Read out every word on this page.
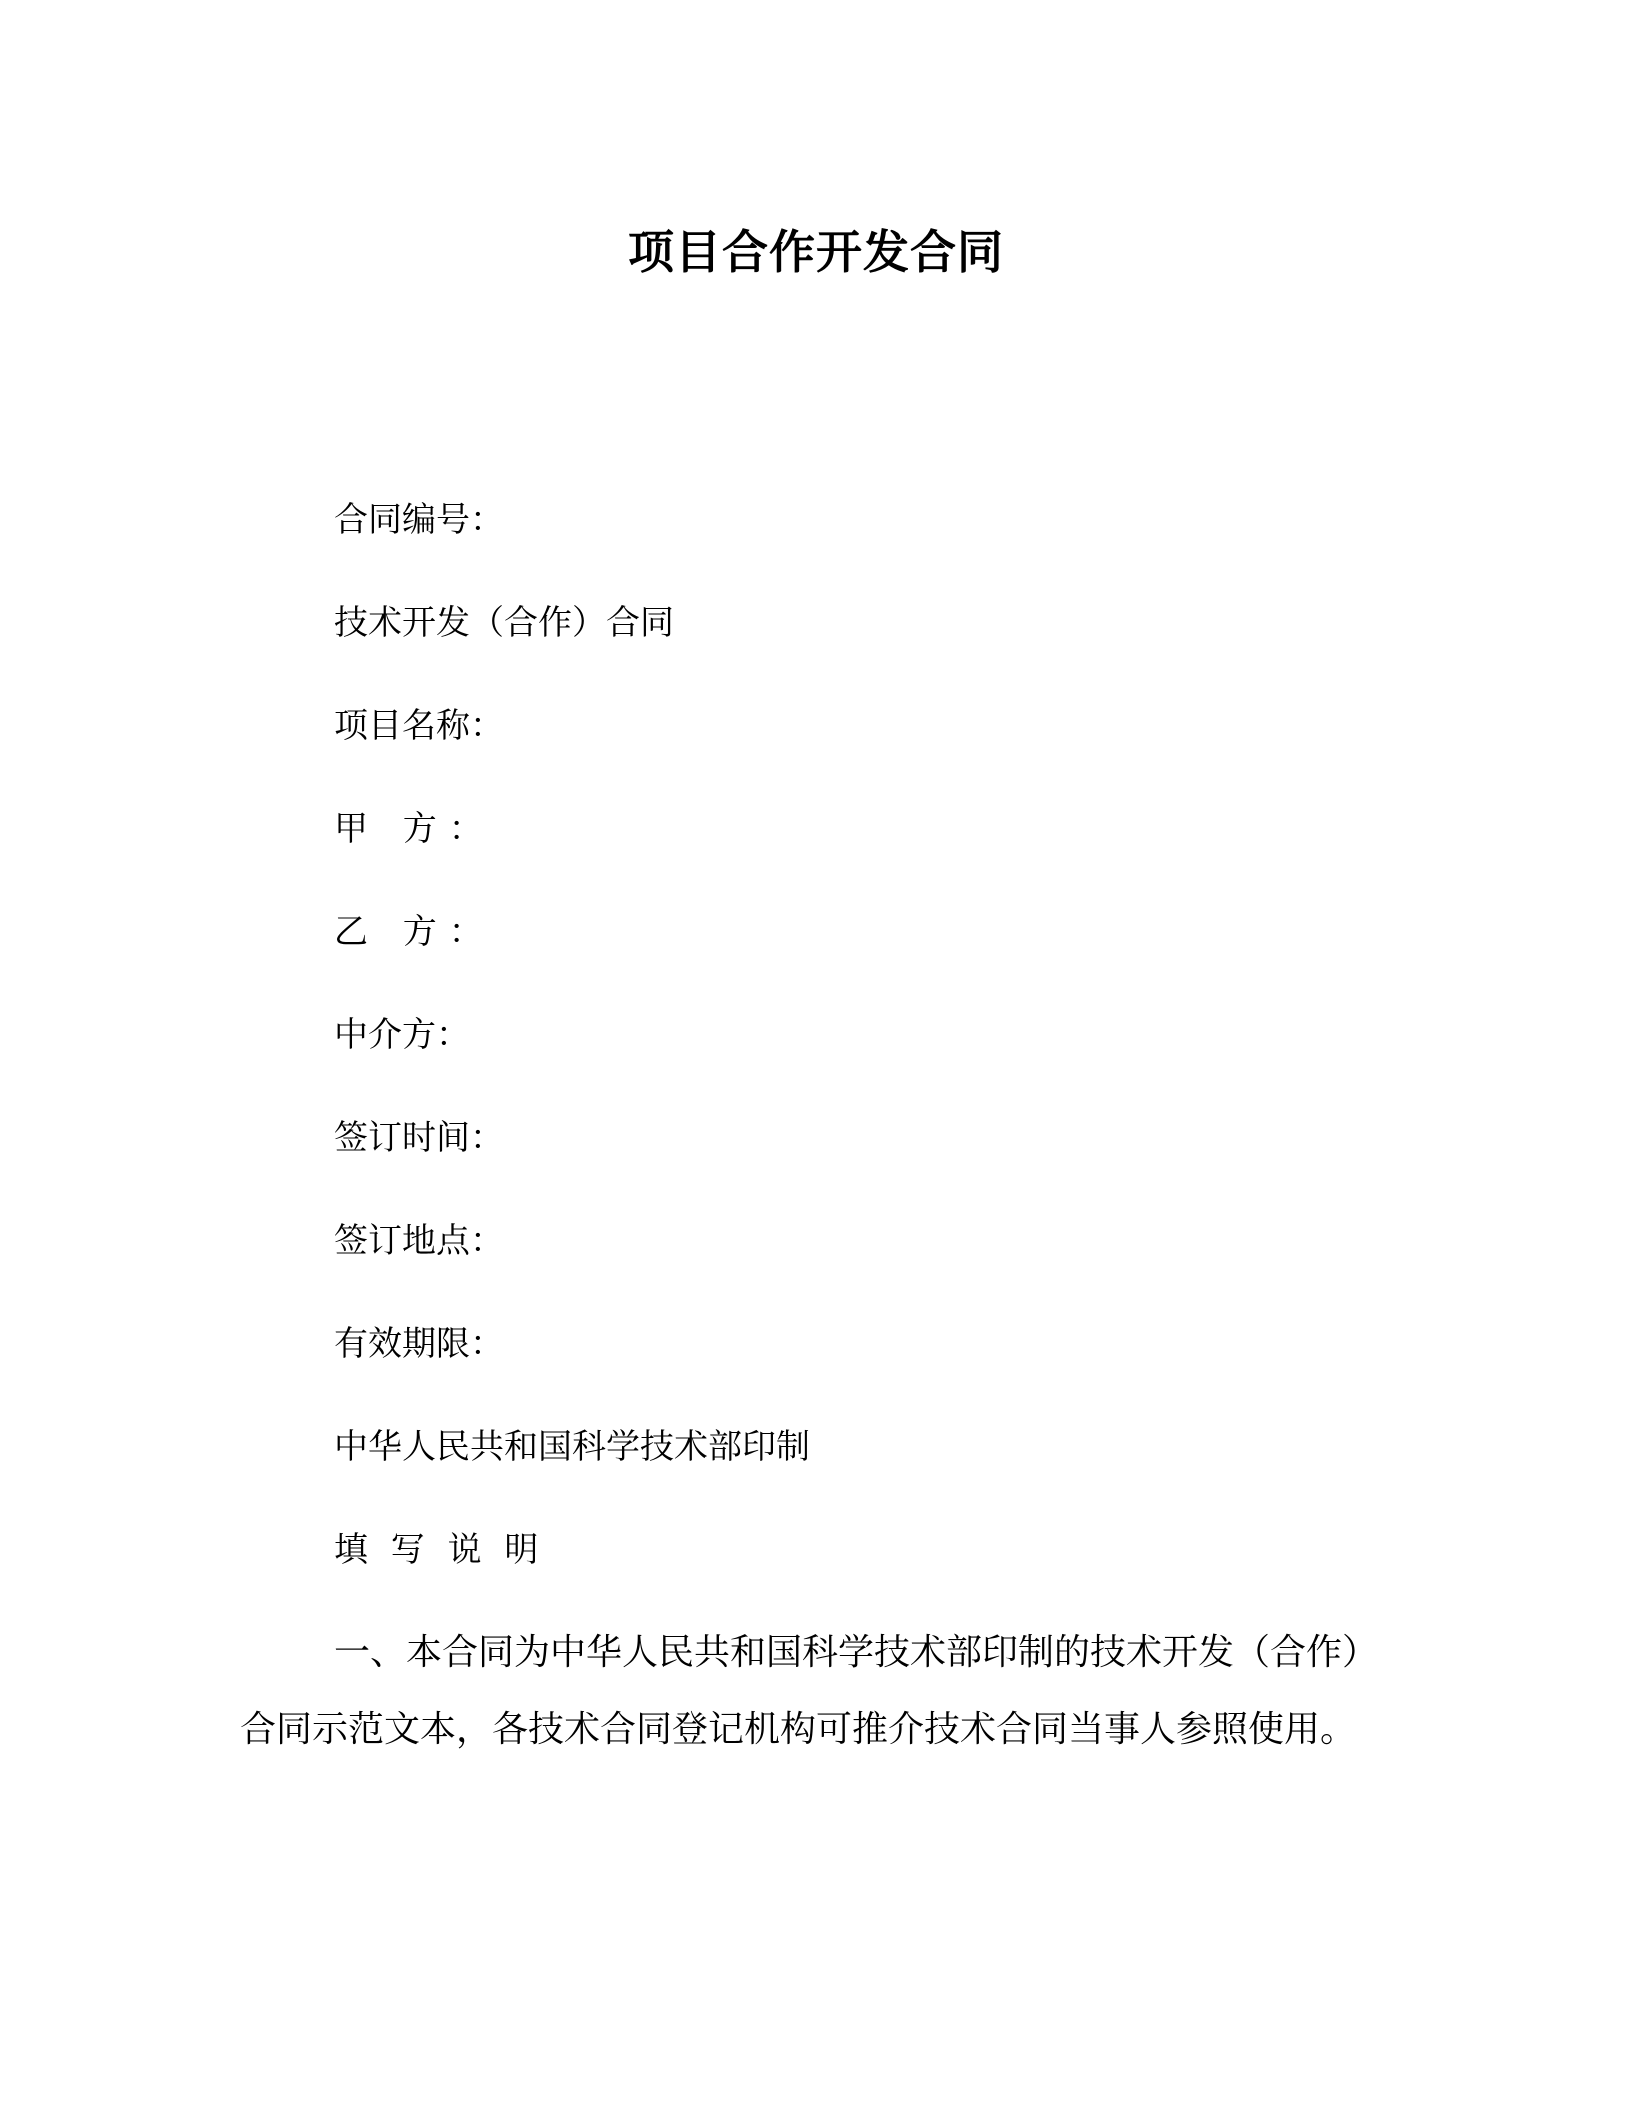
项目合作开发合同
合同编号：
技术开发（合作）合同
项目名称：
甲 方：
乙 方：
中介方：
签订时间：
签订地点：
有效期限：
中华人民共和国科学技术部印制
填 写 说 明
一、本合同为中华人民共和国科学技术部印制的技术开发（合作）
合同示范文本，各技术合同登记机构可推介技术合同当事人参照使用。
